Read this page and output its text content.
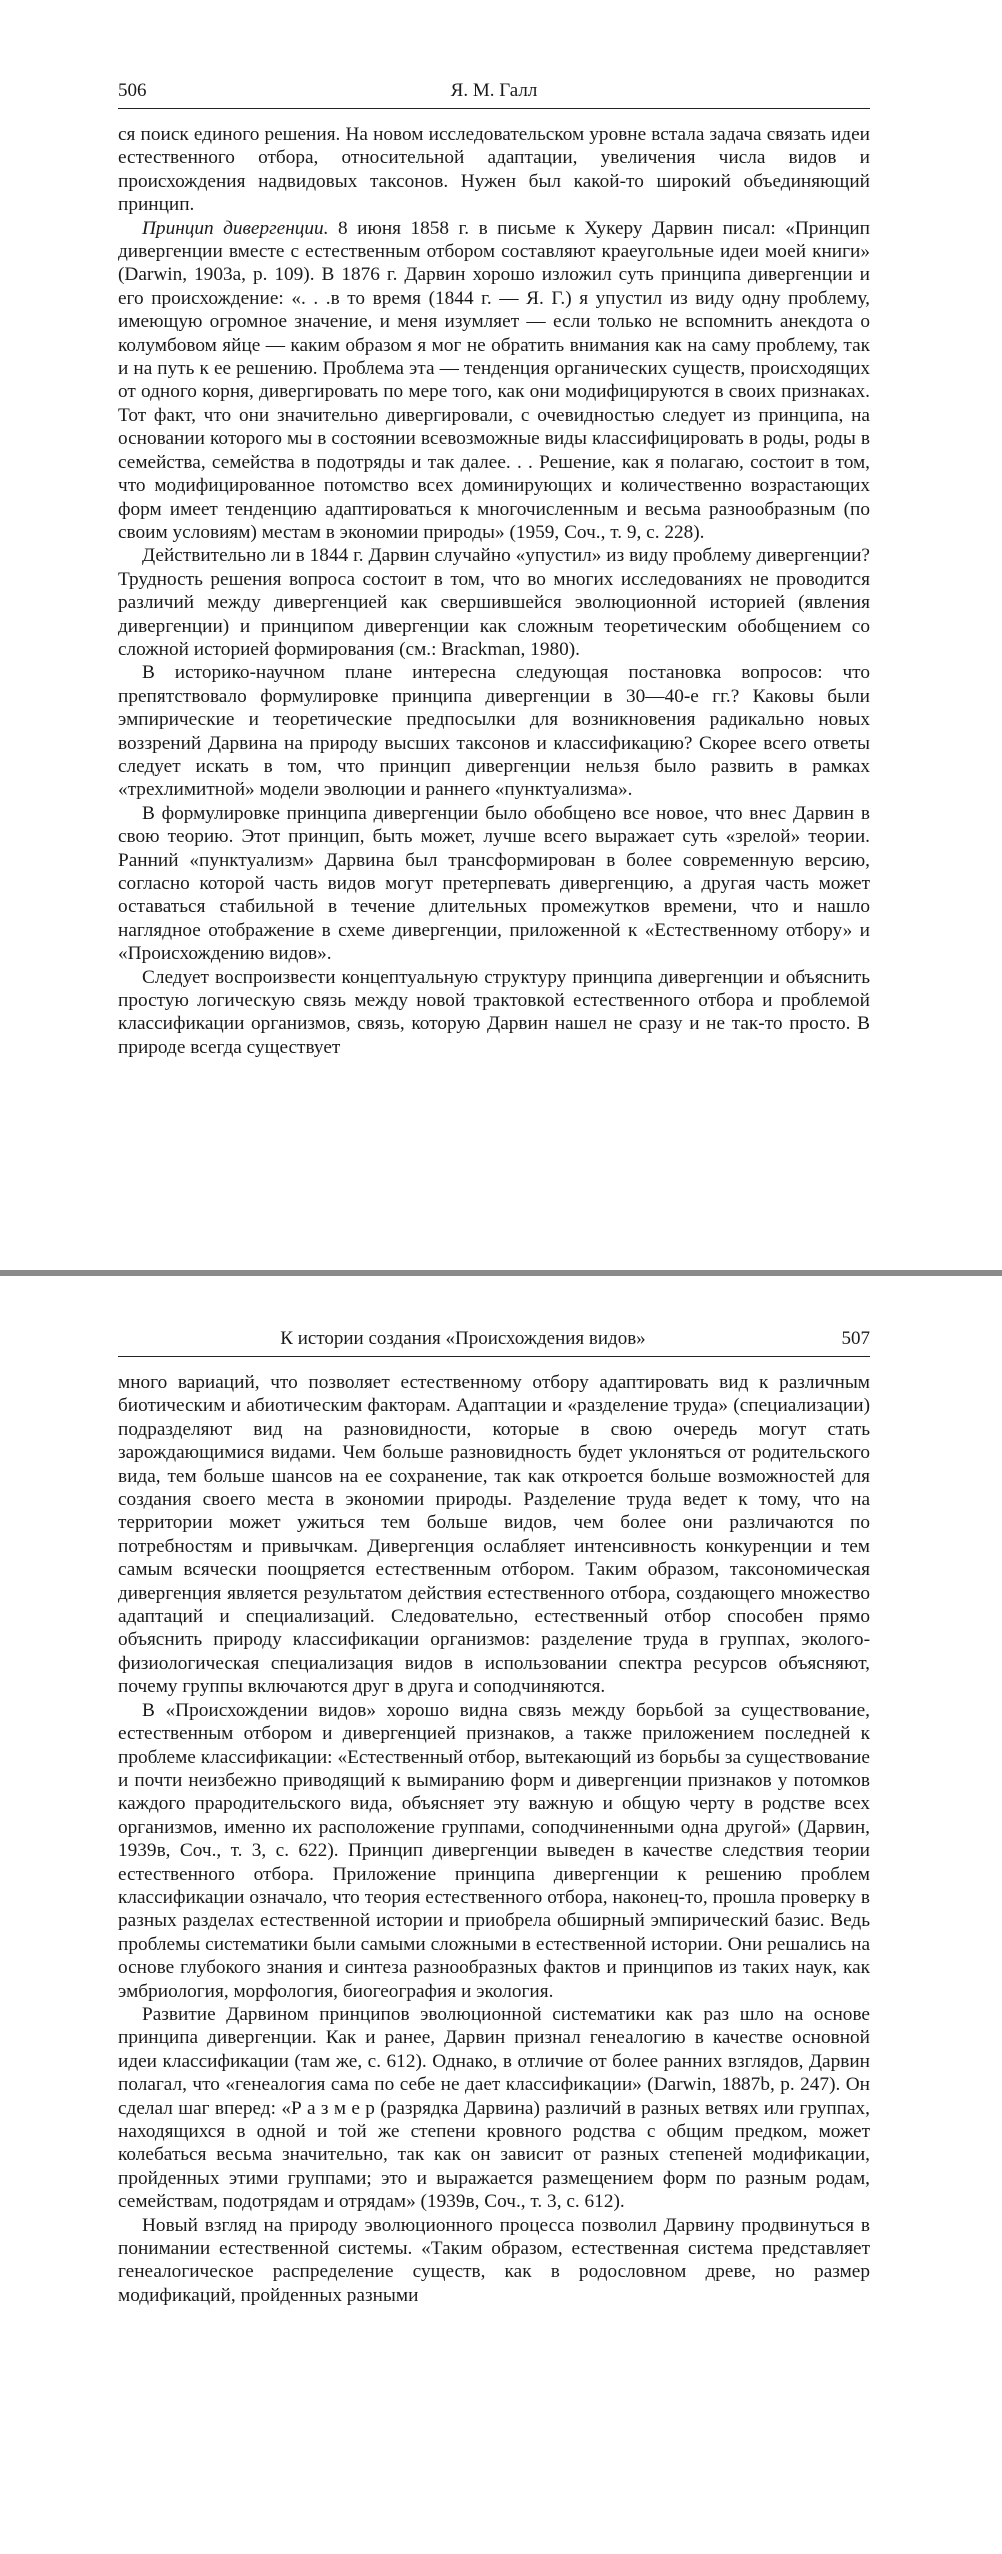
506	Я. М. Галл

ся поиск единого решения. На новом исследовательском уровне встала задача связать идеи естественного отбора, относительной адаптации, увеличения числа видов и происхождения надвидовых таксонов. Нужен был какой-то широкий объединяющий принцип.

Принцип дивергенции. 8 июня 1858 г. в письме к Хукеру Дарвин писал: «Принцип дивергенции вместе с естественным отбором составляют краеугольные идеи моей книги» (Darwin, 1903a, p. 109). В 1876 г. Дарвин хорошо изложил суть принципа дивергенции и его происхождение: «. . .в то время (1844 г. — Я. Г.) я упустил из виду одну проблему, имеющую огромное значение, и меня изумляет — если только не вспомнить анекдота о колумбовом яйце — каким образом я мог не обратить внимания как на саму проблему, так и на путь к ее решению. Проблема эта — тенденция органических существ, происходящих от одного корня, дивергировать по мере того, как они модифицируются в своих признаках. Тот факт, что они значительно дивергировали, с очевидностью следует из принципа, на основании которого мы в состоянии всевозможные виды классифицировать в роды, роды в семейства, семейства в подотряды и так далее. . . Решение, как я полагаю, состоит в том, что модифицированное потомство всех доминирующих и количественно возрастающих форм имеет тенденцию адаптироваться к многочисленным и весьма разнообразным (по своим условиям) местам в экономии природы» (1959, Соч., т. 9, с. 228).

Действительно ли в 1844 г. Дарвин случайно «упустил» из виду проблему дивергенции? Трудность решения вопроса состоит в том, что во многих исследованиях не проводится различий между дивергенцией как свершившейся эволюционной историей (явления дивергенции) и принципом дивергенции как сложным теоретическим обобщением со сложной историей формирования (см.: Brackman, 1980).

В историко-научном плане интересна следующая постановка вопросов: что препятствовало формулировке принципа дивергенции в 30—40-е гг.? Каковы были эмпирические и теоретические предпосылки для возникновения радикально новых воззрений Дарвина на природу высших таксонов и классификацию? Скорее всего ответы следует искать в том, что принцип дивергенции нельзя было развить в рамках «трехлимитной» модели эволюции и раннего «пунктуализма».

В формулировке принципа дивергенции было обобщено все новое, что внес Дарвин в свою теорию. Этот принцип, быть может, лучше всего выражает суть «зрелой» теории. Ранний «пунктуализм» Дарвина был трансформирован в более современную версию, согласно которой часть видов могут претерпевать дивергенцию, а другая часть может оставаться стабильной в течение длительных промежутков времени, что и нашло наглядное отображение в схеме дивергенции, приложенной к «Естественному отбору» и «Происхождению видов».

Следует воспроизвести концептуальную структуру принципа дивергенции и объяснить простую логическую связь между новой трактовкой естественного отбора и проблемой классификации организмов, связь, которую Дарвин нашел не сразу и не так-то просто. В природе всегда существует

К истории создания «Происхождения видов»	507

много вариаций, что позволяет естественному отбору адаптировать вид к различным биотическим и абиотическим факторам. Адаптации и «разделение труда» (специализации) подразделяют вид на разновидности, которые в свою очередь могут стать зарождающимися видами. Чем больше разновидность будет уклоняться от родительского вида, тем больше шансов на ее сохранение, так как откроется больше возможностей для создания своего места в экономии природы. Разделение труда ведет к тому, что на территории может ужиться тем больше видов, чем более они различаются по потребностям и привычкам. Дивергенция ослабляет интенсивность конкуренции и тем самым всячески поощряется естественным отбором. Таким образом, таксономическая дивергенция является результатом действия естественного отбора, создающего множество адаптаций и специализаций. Следовательно, естественный отбор способен прямо объяснить природу классификации организмов: разделение труда в группах, эколого-физиологическая специализация видов в использовании спектра ресурсов объясняют, почему группы включаются друг в друга и соподчиняются.

В «Происхождении видов» хорошо видна связь между борьбой за существование, естественным отбором и дивергенцией признаков, а также приложением последней к проблеме классификации: «Естественный отбор, вытекающий из борьбы за существование и почти неизбежно приводящий к вымиранию форм и дивергенции признаков у потомков каждого прародительского вида, объясняет эту важную и общую черту в родстве всех организмов, именно их расположение группами, соподчиненными одна другой» (Дарвин, 1939в, Соч., т. 3, с. 622). Принцип дивергенции выведен в качестве следствия теории естественного отбора. Приложение принципа дивергенции к решению проблем классификации означало, что теория естественного отбора, наконец-то, прошла проверку в разных разделах естественной истории и приобрела обширный эмпирический базис. Ведь проблемы систематики были самыми сложными в естественной истории. Они решались на основе глубокого знания и синтеза разнообразных фактов и принципов из таких наук, как эмбриология, морфология, биогеография и экология.

Развитие Дарвином принципов эволюционной систематики как раз шло на основе принципа дивергенции. Как и ранее, Дарвин признал генеалогию в качестве основной идеи классификации (там же, с. 612). Однако, в отличие от более ранних взглядов, Дарвин полагал, что «генеалогия сама по себе не дает классификации» (Darwin, 1887b, p. 247). Он сделал шаг вперед: «Р а з м е р (разрядка Дарвина) различий в разных ветвях или группах, находящихся в одной и той же степени кровного родства с общим предком, может колебаться весьма значительно, так как он зависит от разных степеней модификации, пройденных этими группами; это и выражается размещением форм по разным родам, семействам, подотрядам и отрядам» (1939в, Соч., т. 3, с. 612).

Новый взгляд на природу эволюционного процесса позволил Дарвину продвинуться в понимании естественной системы. «Таким образом, естественная система представляет генеалогическое распределение существ, как в родословном древе, но размер модификаций, пройденных разными
